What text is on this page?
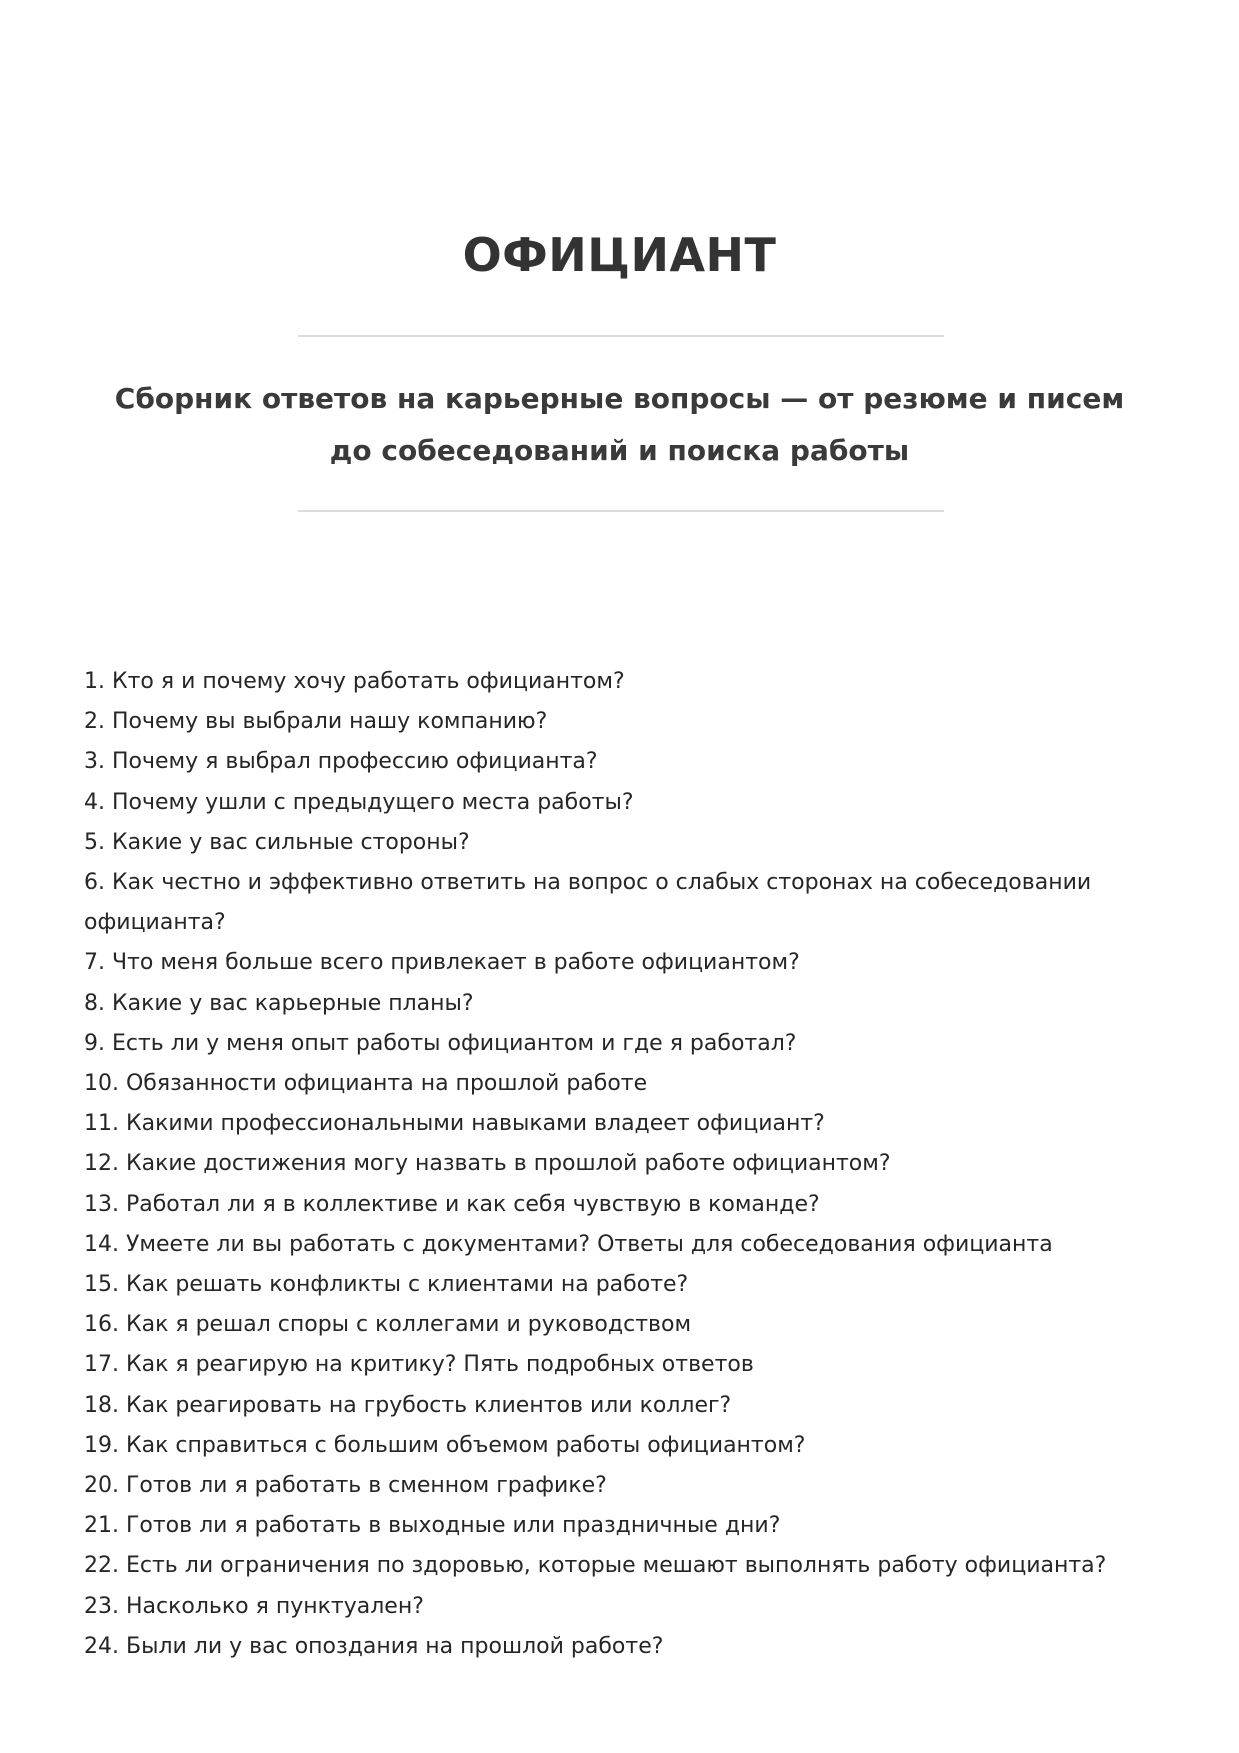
ОФИЦИАНТ
Сборник ответов на карьерные вопросы — от резюме и писем до собеседований и поиска работы
1. Кто я и почему хочу работать официантом?
2. Почему вы выбрали нашу компанию?
3. Почему я выбрал профессию официанта?
4. Почему ушли с предыдущего места работы?
5. Какие у вас сильные стороны?
6. Как честно и эффективно ответить на вопрос о слабых сторонах на собеседовании официанта?
7. Что меня больше всего привлекает в работе официантом?
8. Какие у вас карьерные планы?
9. Есть ли у меня опыт работы официантом и где я работал?
10. Обязанности официанта на прошлой работе
11. Какими профессиональными навыками владеет официант?
12. Какие достижения могу назвать в прошлой работе официантом?
13. Работал ли я в коллективе и как себя чувствую в команде?
14. Умеете ли вы работать с документами? Ответы для собеседования официанта
15. Как решать конфликты с клиентами на работе?
16. Как я решал споры с коллегами и руководством
17. Как я реагирую на критику? Пять подробных ответов
18. Как реагировать на грубость клиентов или коллег?
19. Как справиться с большим объемом работы официантом?
20. Готов ли я работать в сменном графике?
21. Готов ли я работать в выходные или праздничные дни?
22. Есть ли ограничения по здоровью, которые мешают выполнять работу официанта?
23. Насколько я пунктуален?
24. Были ли у вас опоздания на прошлой работе?
